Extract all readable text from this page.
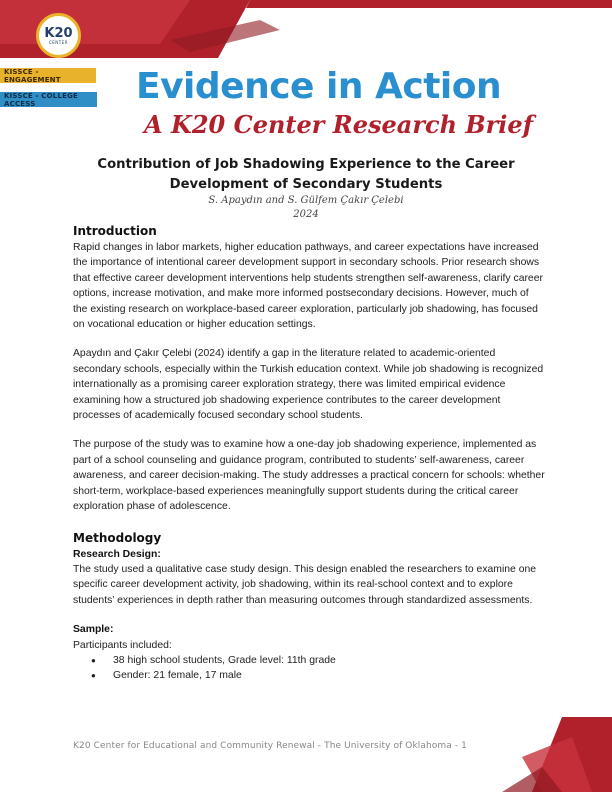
K20
CENTER
KISSCE - ENGAGEMENT
KISSCE - COLLEGE ACCESS	Evidence in Action
A K20 Center Research Brief
Contribution of Job Shadowing Experience to the Career Development of Secondary Students
S. Apaydın and S. Gülfem Çakır Çelebi
2024
Introduction

Rapid changes in labor markets, higher education pathways, and career expectations have increased the importance of intentional career development support in secondary schools. Prior research shows that effective career development interventions help students strengthen self-awareness, clarify career options, increase motivation, and make more informed postsecondary decisions. However, much of the existing research on workplace-based career exploration, particularly job shadowing, has focused on vocational education or higher education settings.

Apaydın and Çakır Çelebi (2024) identify a gap in the literature related to academic-oriented secondary schools, especially within the Turkish education context. While job shadowing is recognized internationally as a promising career exploration strategy, there was limited empirical evidence examining how a structured job shadowing experience contributes to the career development processes of academically focused secondary school students.

The purpose of the study was to examine how a one-day job shadowing experience, implemented as part of a school counseling and guidance program, contributed to students’ self-awareness, career awareness, and career decision-making. The study addresses a practical concern for schools: whether short-term, workplace-based experiences meaningfully support students during the critical career exploration phase of adolescence.

Methodology
Research Design:

The study used a qualitative case study design. This design enabled the researchers to examine one specific career development activity, job shadowing, within its real-school context and to explore students’ experiences in depth rather than measuring outcomes through standardized assessments.

Sample:
Participants included:
● 38 high school students, Grade level: 11th grade
● Gender: 21 female, 17 male
K20 Center for Educational and Community Renewal - The University of Oklahoma - 1
